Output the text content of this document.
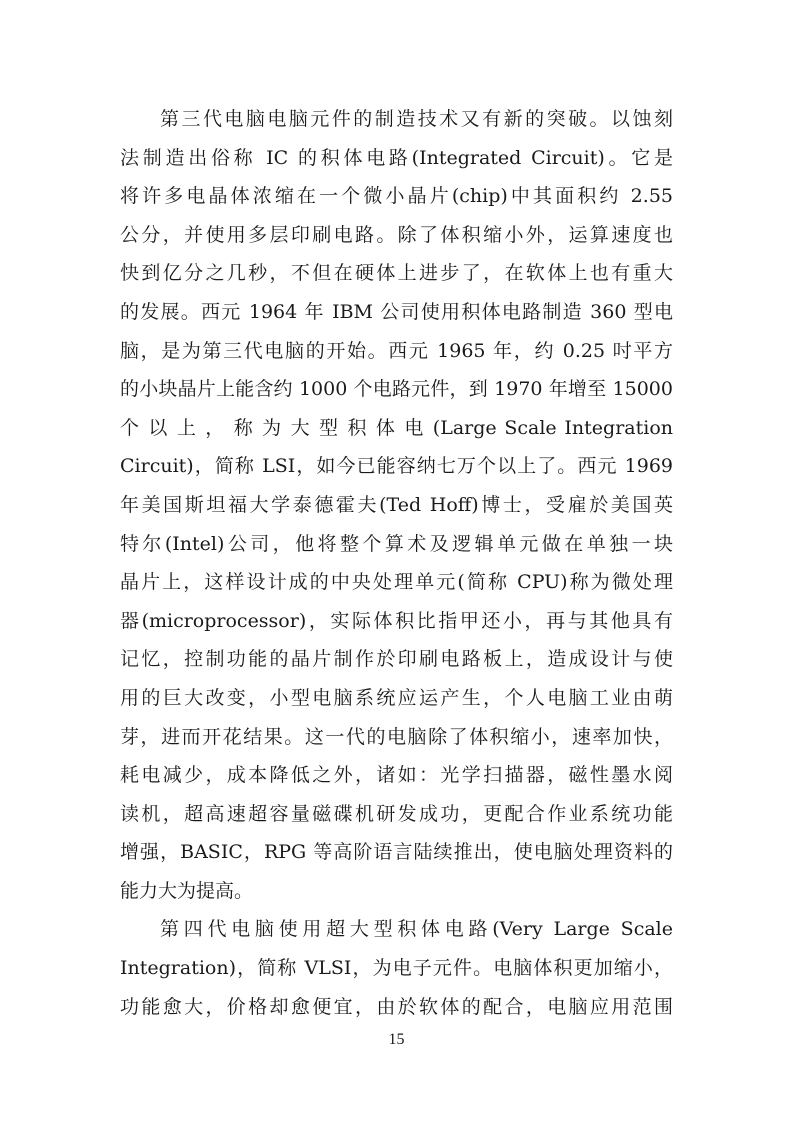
第三代电脑电脑元件的制造技术又有新的突破。以蚀刻
法制造出俗称 IC 的积体电路(Integrated Circuit)。它是
将许多电晶体浓缩在一个微小晶片(chip)中其面积约 2.55
公分，并使用多层印刷电路。除了体积缩小外，运算速度也
快到亿分之几秒，不但在硬体上进步了，在软体上也有重大
的发展。西元 1964 年 IBM 公司使用积体电路制造 360 型电
脑，是为第三代电脑的开始。西元 1965 年，约 0.25 吋平方
的小块晶片上能含约 1000 个电路元件，到 1970 年增至 15000
个 以 上 ， 称 为 大 型 积 体 电 (Large Scale Integration
Circuit)，简称 LSI，如今已能容纳七万个以上了。西元 1969
年美国斯坦福大学泰德霍夫(Ted Hoff)博士，受雇於美国英
特尔(Intel)公司，他将整个算术及逻辑单元做在单独一块
晶片上，这样设计成的中央处理单元(简称 CPU)称为微处理
器(microprocessor)，实际体积比指甲还小，再与其他具有
记忆，控制功能的晶片制作於印刷电路板上，造成设计与使
用的巨大改变，小型电脑系统应运产生，个人电脑工业由萌
芽，进而开花结果。这一代的电脑除了体积缩小，速率加快，
耗电减少，成本降低之外，诸如：光学扫描器，磁性墨水阅
读机，超高速超容量磁碟机研发成功，更配合作业系统功能
增强，BASIC，RPG 等高阶语言陆续推出，使电脑处理资料的
能力大为提高。
第四代电脑使用超大型积体电路(Very Large Scale
Integration)，简称 VLSI，为电子元件。电脑体积更加缩小，
功能愈大，价格却愈便宜，由於软体的配合，电脑应用范围
15
